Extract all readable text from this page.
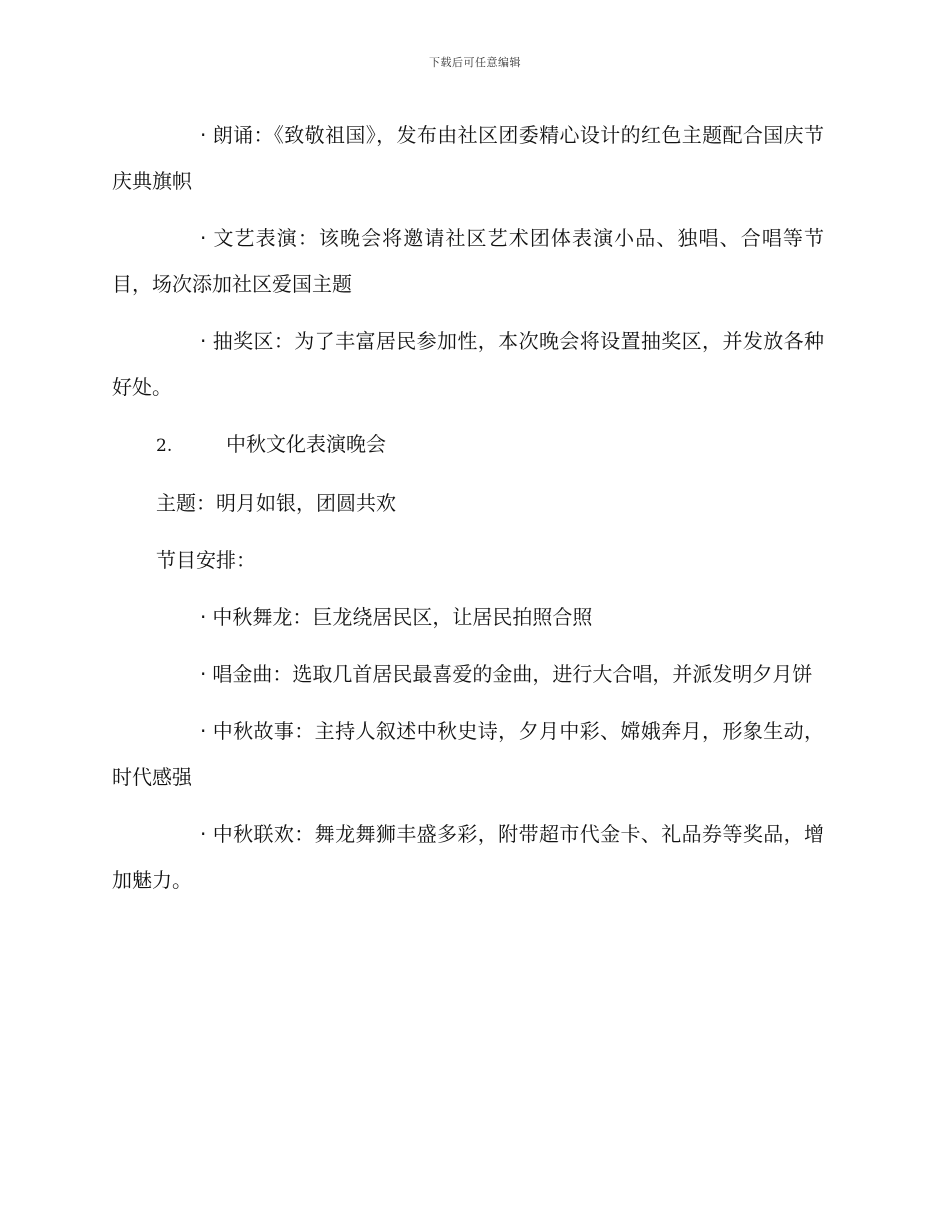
下载后可任意编辑

· 朗诵：《致敬祖国》，发布由社区团委精心设计的红色主题配合国庆节庆典旗帜

· 文艺表演：该晚会将邀请社区艺术团体表演小品、独唱、合唱等节目，场次添加社区爱国主题

· 抽奖区：为了丰富居民参加性，本次晚会将设置抽奖区，并发放各种好处。

2.	中秋文化表演晚会

主题：明月如银，团圆共欢

节目安排：

· 中秋舞龙：巨龙绕居民区，让居民拍照合照

· 唱金曲：选取几首居民最喜爱的金曲，进行大合唱，并派发明夕月饼

· 中秋故事：主持人叙述中秋史诗，夕月中彩、嫦娥奔月，形象生动，时代感强

· 中秋联欢：舞龙舞狮丰盛多彩，附带超市代金卡、礼品券等奖品，增加魅力。
